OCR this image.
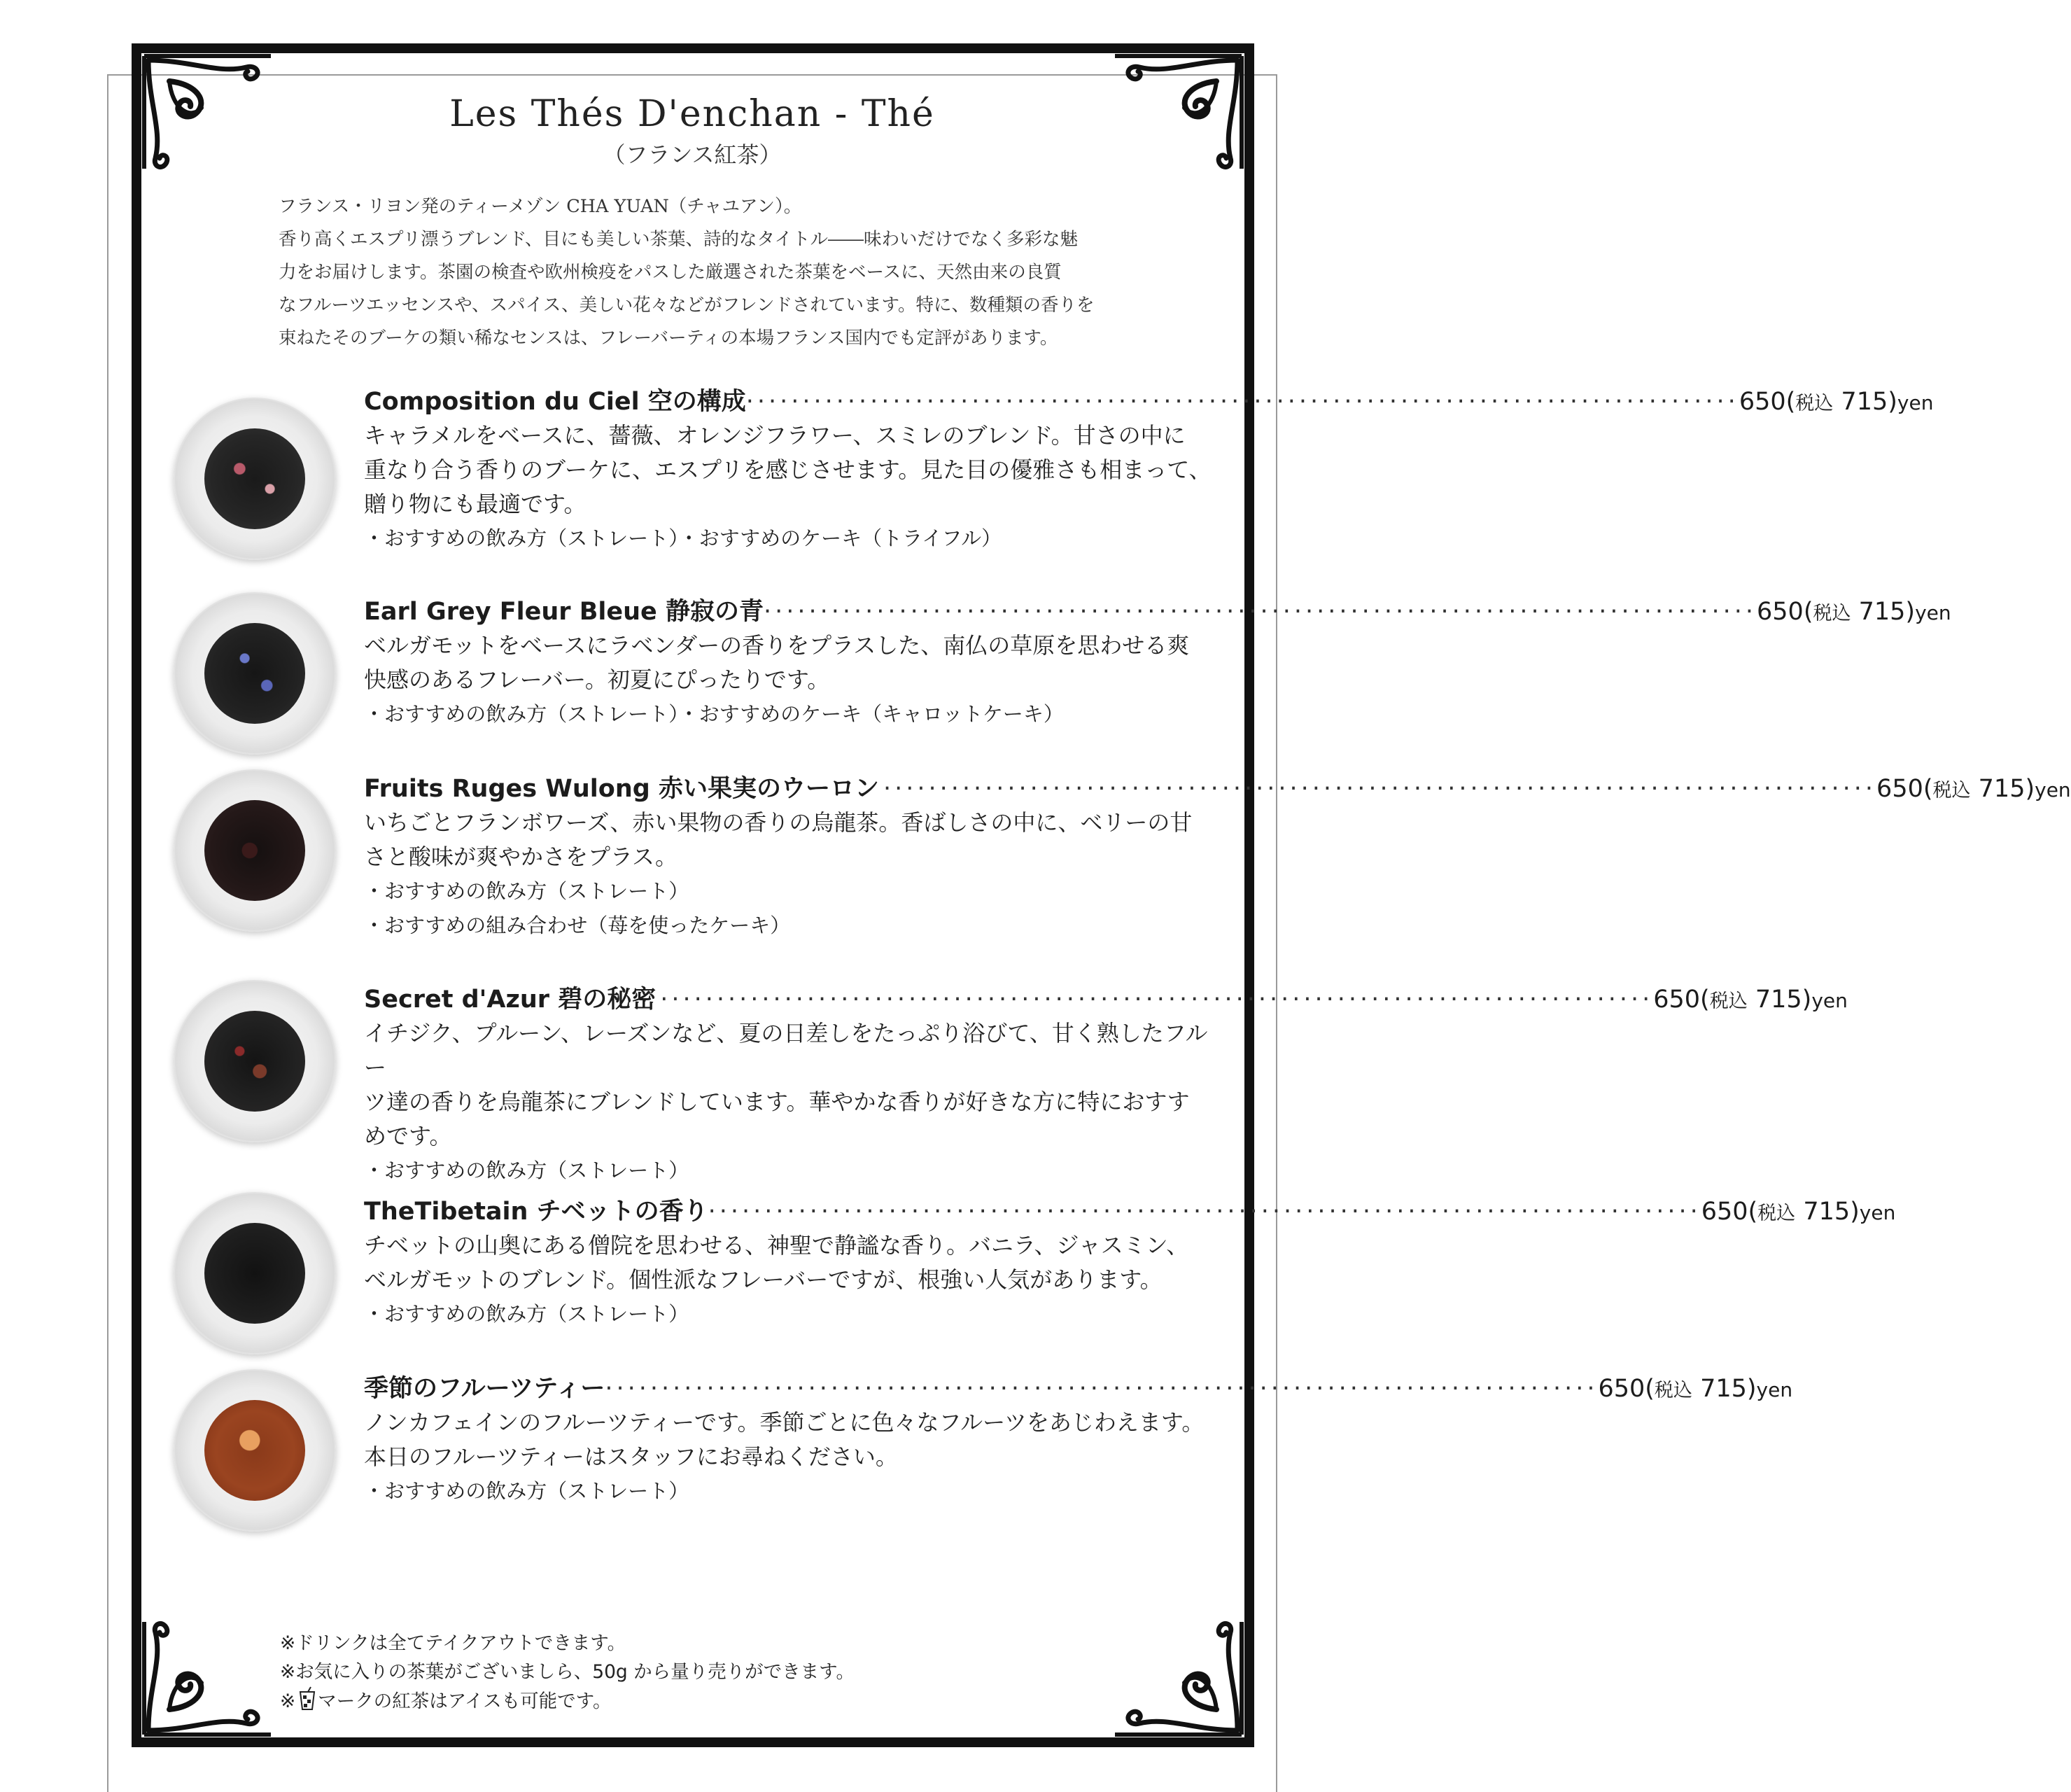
Les Thés D'enchan - Thé
（フランス紅茶）

フランス・リヨン発のティーメゾン CHA YUAN（チャユアン）。

香り高くエスプリ漂うブレンド、目にも美しい茶葉、詩的なタイトル――味わいだけでなく多彩な魅

力をお届けします。茶園の検査や欧州検疫をパスした厳選された茶葉をベースに、天然由来の良質

なフルーツエッセンスや、スパイス、美しい花々などがフレンドされています。特に、数種類の香りを

束ねたそのブーケの類い稀なセンスは、フレーバーティの本場フランス国内でも定評があります。

Composition du Ciel 空の構成 ························································································ 650(税込 715)yen
キャラメルをベースに、薔薇、オレンジフラワー、スミレのブレンド。甘さの中に
重なり合う香りのブーケに、エスプリを感じさせます。見た目の優雅さも相まって、
贈り物にも最適です。
・おすすめの飲み方（ストレート）・おすすめのケーキ（トライフル）
Earl Grey Fleur Bleue 静寂の青 ························································································ 650(税込 715)yen
ベルガモットをベースにラベンダーの香りをプラスした、南仏の草原を思わせる爽
快感のあるフレーバー。初夏にぴったりです。
・おすすめの飲み方（ストレート）・おすすめのケーキ（キャロットケーキ）
Fruits Ruges Wulong 赤い果実のウーロン ························································································ 650(税込 715)yen
いちごとフランボワーズ、赤い果物の香りの烏龍茶。香ばしさの中に、ベリーの甘
さと酸味が爽やかさをプラス。
・おすすめの飲み方（ストレート）
・おすすめの組み合わせ（苺を使ったケーキ）
Secret d'Azur 碧の秘密 ························································································ 650(税込 715)yen
イチジク、プルーン、レーズンなど、夏の日差しをたっぷり浴びて、甘く熟したフルー
ツ達の香りを烏龍茶にブレンドしています。華やかな香りが好きな方に特におすす
めです。
・おすすめの飲み方（ストレート）
TheTibetain チベットの香り ························································································ 650(税込 715)yen
チベットの山奥にある僧院を思わせる、神聖で静謐な香り。バニラ、ジャスミン、
ベルガモットのブレンド。個性派なフレーバーですが、根強い人気があります。
・おすすめの飲み方（ストレート）
季節のフルーツティー ························································································ 650(税込 715)yen
ノンカフェインのフルーツティーです。季節ごとに色々なフルーツをあじわえます。
本日のフルーツティーはスタッフにお尋ねください。
・おすすめの飲み方（ストレート）

※ドリンクは全てテイクアウトできます。

※お気に入りの茶葉がございましら、50g から量り売りができます。

※ マークの紅茶はアイスも可能です。
